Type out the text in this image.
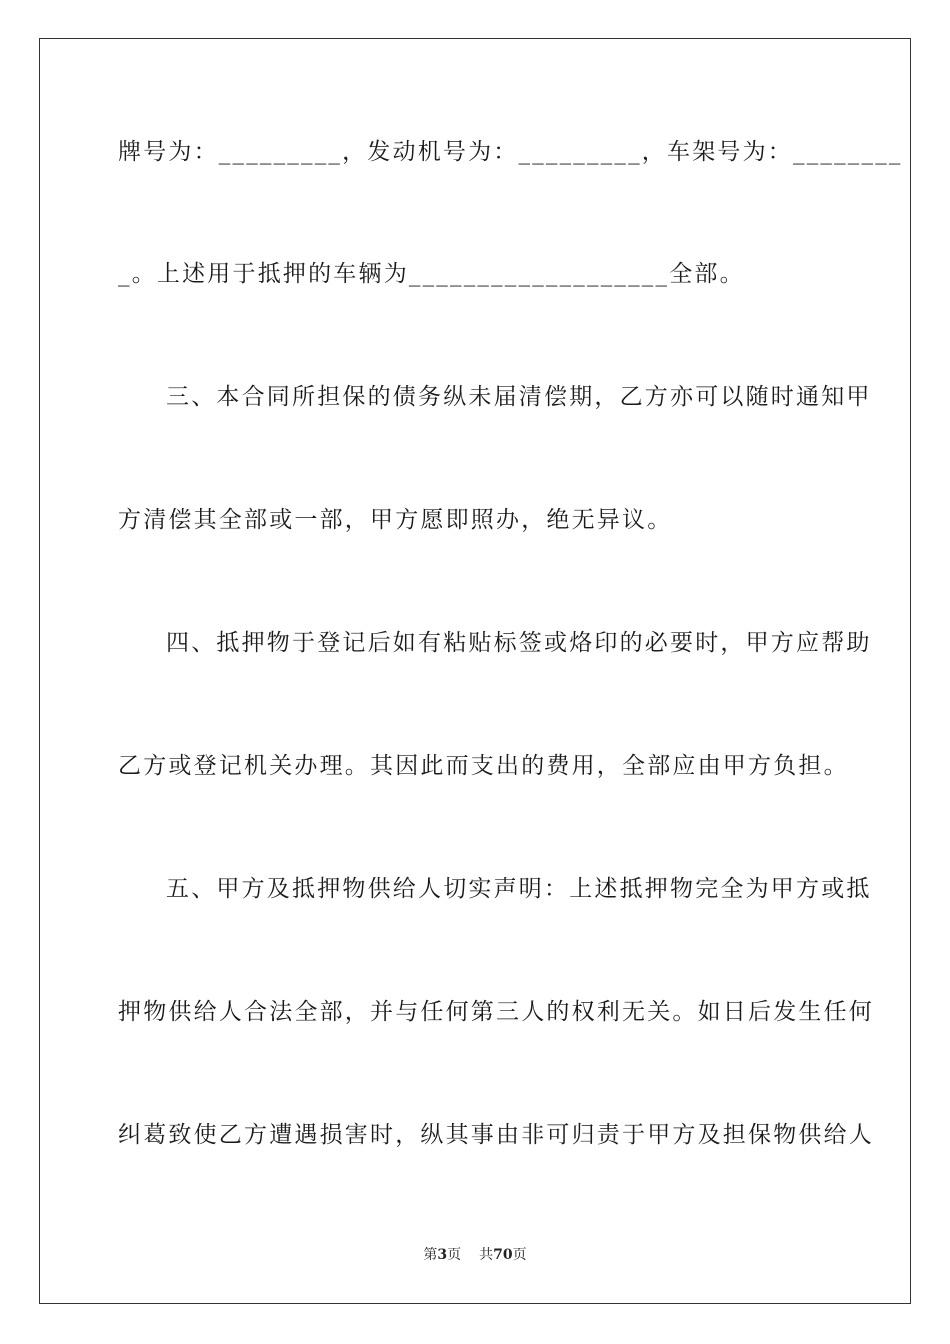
牌号为：_________，发动机号为：_________，车架号为：________
_。上述用于抵押的车辆为___________________全部。
三、本合同所担保的债务纵未届清偿期，乙方亦可以随时通知甲
方清偿其全部或一部，甲方愿即照办，绝无异议。
四、抵押物于登记后如有粘贴标签或烙印的必要时，甲方应帮助
乙方或登记机关办理。其因此而支出的费用，全部应由甲方负担。
五、甲方及抵押物供给人切实声明：上述抵押物完全为甲方或抵
押物供给人合法全部，并与任何第三人的权利无关。如日后发生任何
纠葛致使乙方遭遇损害时，纵其事由非可归责于甲方及担保物供给人
第3页 共70页
